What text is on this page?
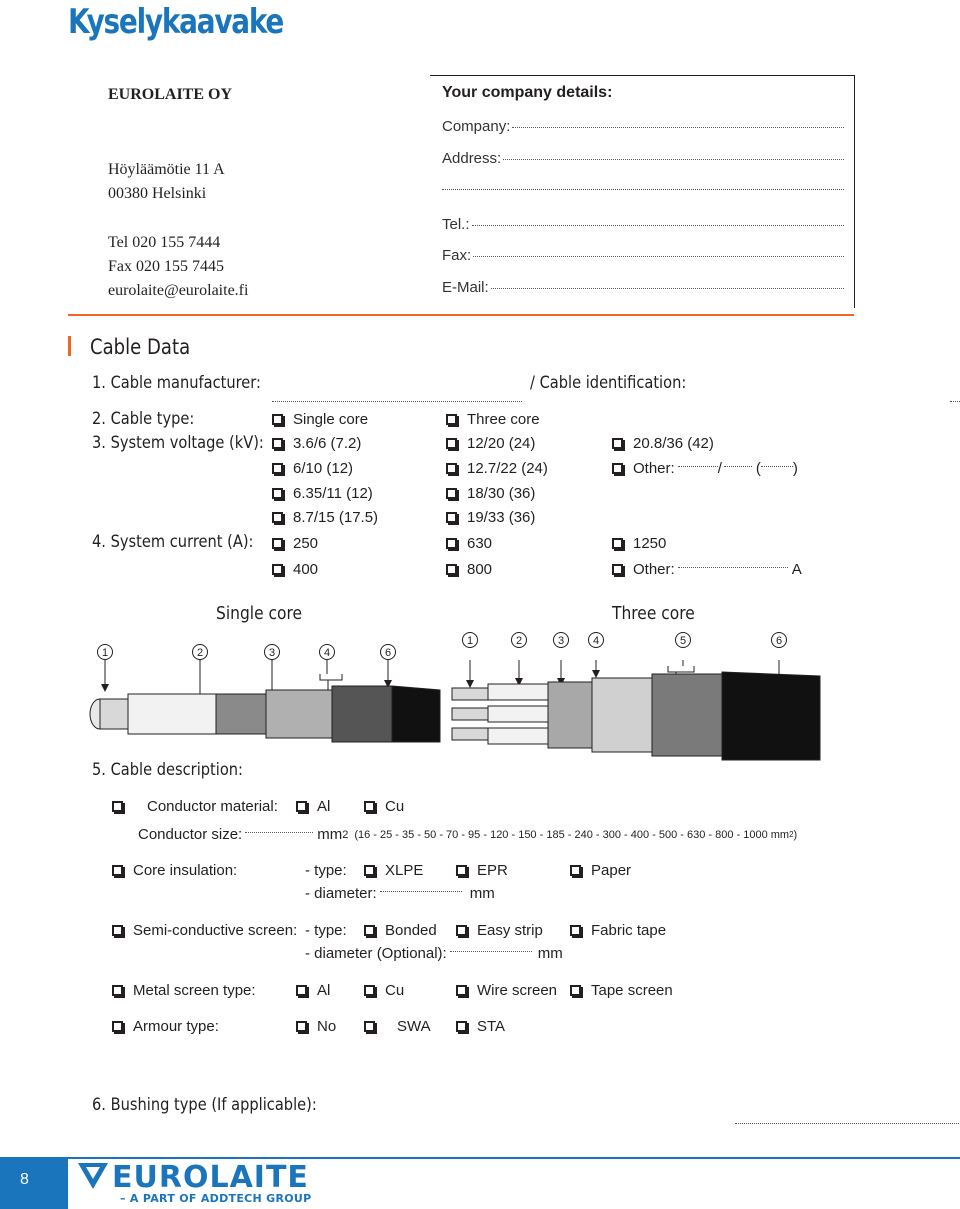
Kyselykaavake
EUROLAITE OY
Höyläämötie 11 A
00380 Helsinki
Tel 020 155 7444
Fax 020 155 7445
eurolaite@eurolaite.fi
Your company details:
Company:
Address:
Tel.:
Fax:
E-Mail:
Cable Data
1. Cable manufacturer:
	/ Cable identification:

2. Cable type:	Single core	Three core
3. System voltage (kV): 3.6/6 (7.2)	12/20 (24)	20.8/36 (42)
6/10 (12)	12.7/22 (24)	Other:	/ ( )
6.35/11 (12)	18/30 (36)
8.7/15 (17.5)	19/33 (36)
4. System current (A):	250	630	1250
400	800	Other:	A
Single core	Three core
1	2	3	4	6
1	2	3	4	5	6
5. Cable description:
Conductor material:	Al	Cu
Conductor size:	mm 2 (16 - 25 - 35 - 50 - 70 - 95 - 120 - 150 - 185 - 240 - 300 - 400 - 500 - 630 - 800 - 1000 mm 2 )
Core insulation:	- type:	XLPE	EPR	Paper
- diameter:	mm
Semi-conductive screen: - type:	Bonded	Easy strip	Fabric tape
- diameter (Optional):	mm
Metal screen type:	Al	Cu	Wire screen Tape screen
Armour type:	No	SWA	STA
6. Bushing type (If applicable):
8	EUROLAITE
– A PART OF ADDTECH GROUP
